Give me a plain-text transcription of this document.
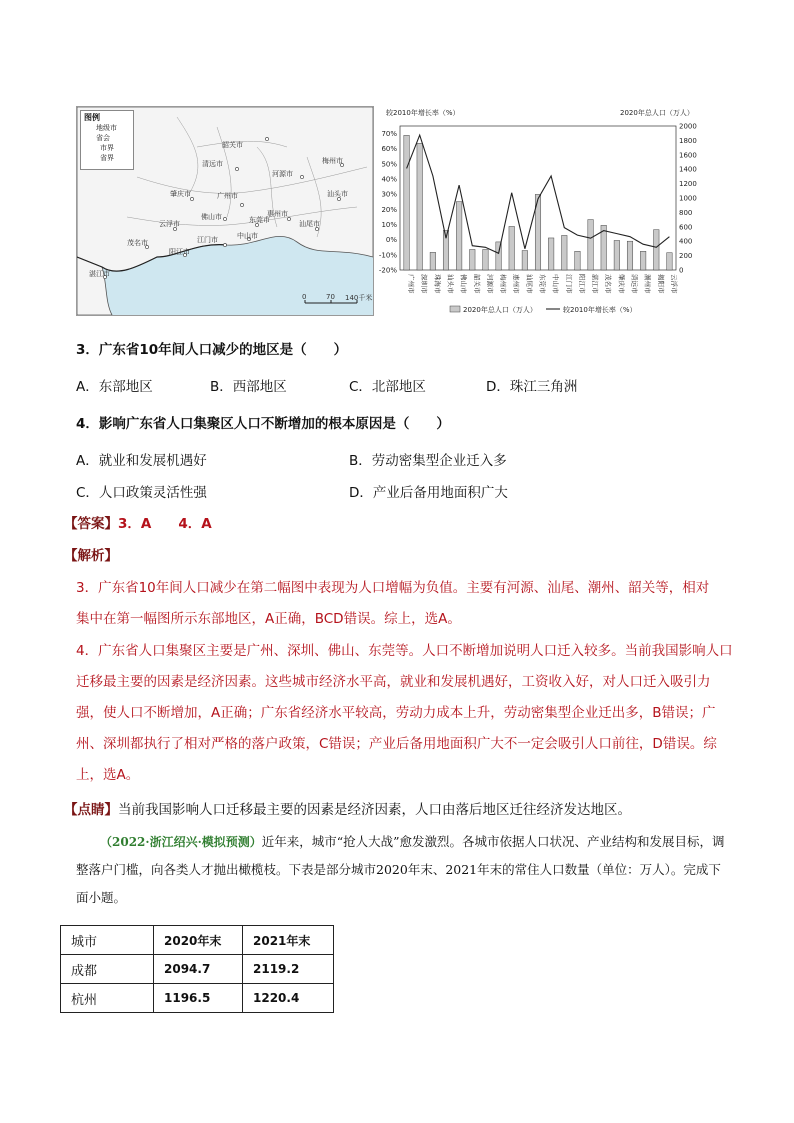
图例
地级市
省会
市界
省界
韶关市
清远市
河源市
梅州市
肇庆市	广州市
惠州市
汕头市
云浮市
佛山市	东莞市	汕尾市
江门市	中山市
茂名市
阳江市
湛江市
0	70 140千米
较2010年增长率（%）	2020年总人口（万人）
70%
60%
50%
40%
30%
20%
10%
0%
-10%
-20%
2000
1800
1600
1400
1200
1000
800
600
400
200
0
广州市 深圳市 珠海市 汕头市 佛山市 韶关市 河源市 梅州市 惠州市 汕尾市 东莞市 中山市 江门市 阳江市 湛江市 茂名市 肇庆市 清远市 潮州市 揭阳市 云浮市
2020年总人口（万人）	较2010年增长率（%）
3．广东省10年间人口减少的地区是（　　）
A．东部地区	B．西部地区	C．北部地区	D．珠江三角洲
4．影响广东省人口集聚区人口不断增加的根本原因是（　　）
A．就业和发展机遇好	B．劳动密集型企业迁入多
C．人口政策灵活性强	D．产业后备用地面积广大
【答案】3．A　　4．A
【解析】
3．广东省10年间人口减少在第二幅图中表现为人口增幅为负值。主要有河源、汕尾、潮州、韶关等，相对集中在第一幅图所示东部地区，A正确，BCD错误。综上，选A。
4．广东省人口集聚区主要是广州、深圳、佛山、东莞等。人口不断增加说明人口迁入较多。当前我国影响人口迁移最主要的因素是经济因素。这些城市经济水平高，就业和发展机遇好，工资收入好，对人口迁入吸引力强，使人口不断增加，A正确；广东省经济水平较高，劳动力成本上升，劳动密集型企业迁出多，B错误；广州、深圳都执行了相对严格的落户政策，C错误；产业后备用地面积广大不一定会吸引人口前往，D错误。综上，选A。
【点睛】当前我国影响人口迁移最主要的因素是经济因素，人口由落后地区迁往经济发达地区。
（2022·浙江绍兴·模拟预测）近年来，城市“抢人大战”愈发激烈。各城市依据人口状况、产业结构和发展目标，调整落户门槛，向各类人才抛出橄榄枝。下表是部分城市2020年末、2021年末的常住人口数量（单位：万人）。完成下面小题。
城市	2020年末	2021年末
成都	2094.7	2119.2
杭州	1196.5	1220.4
